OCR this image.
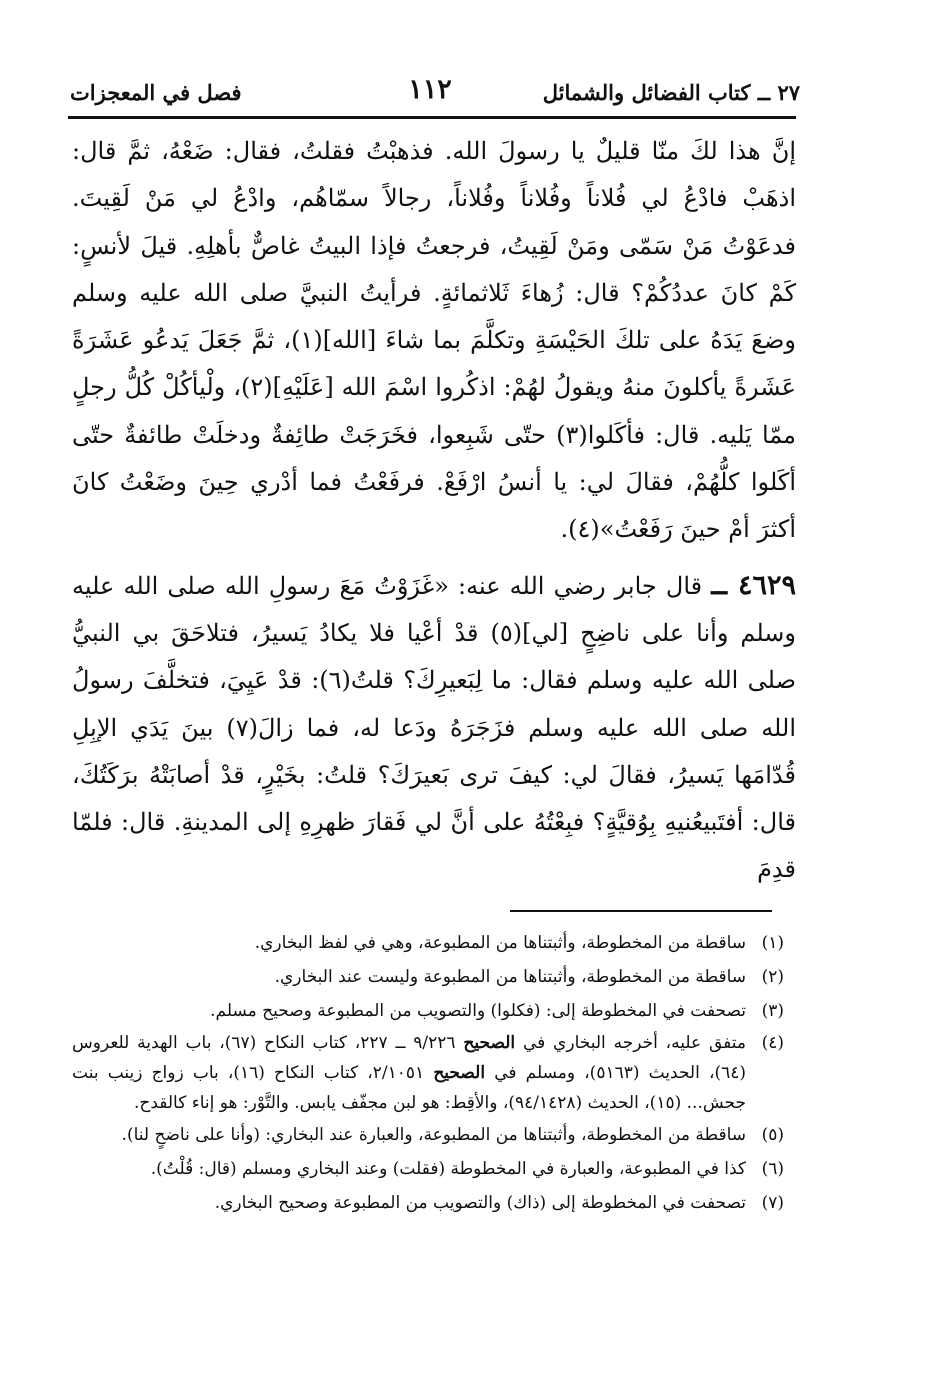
٢٧ ــ كتاب الفضائل والشمائل
١١٢
فصل في المعجزات

إنَّ هذا لكَ منّا قليلٌ يا رسولَ الله. فذهبْتُ فقلتُ، فقال: ضَعْهُ، ثمَّ قال: اذهَبْ فادْعُ لي فُلاناً وفُلاناً وفُلاناً، رجالاً سمّاهُم، وادْعُ لي مَنْ لَقِيتَ. فدعَوْتُ مَنْ سَمّى ومَنْ لَقِيتُ، فرجعتُ فإذا البيتُ غاصٌّ بأهلِهِ. قيلَ لأنسٍ: كَمْ كانَ عددُكُمْ؟ قال: زُهاءَ ثَلاثمائةٍ. فرأيتُ النبيَّ صلى الله عليه وسلم وضعَ يَدَهُ على تلكَ الحَيْسَةِ وتكلَّمَ بما شاءَ [الله](١)، ثمَّ جَعَلَ يَدعُو عَشَرَةً عَشَرةً يأكلونَ منهُ ويقولُ لهُمْ: اذكُروا اسْمَ الله [عَلَيْهِ](٢)، ولْيأكُلْ كُلُّ رجلٍ ممّا يَليه. قال: فأكَلوا(٣) حتّى شَبِعوا، فخَرَجَتْ طائِفةٌ ودخلَتْ طائفةٌ حتّى أكَلوا كلُّهُمْ، فقالَ لي: يا أنسُ ارْفَعْ. فرفَعْتُ فما أدْري حِينَ وضَعْتُ كانَ أكثرَ أمْ حينَ رَفَعْتُ»(٤).

٤٦٢٩ ــ قال جابر رضي الله عنه: «غَزَوْتُ مَعَ رسولِ الله صلى الله عليه وسلم وأنا على ناضِحٍ [لي](٥) قدْ أعْيا فلا يكادُ يَسيرُ، فتلاحَقَ بي النبيُّ صلى الله عليه وسلم فقال: ما لِبَعيرِكَ؟ قلتُ(٦): قدْ عَيِيَ، فتخلَّفَ رسولُ الله صلى الله عليه وسلم فزَجَرَهُ ودَعا له، فما زالَ(٧) بينَ يَدَي الإبِلِ قُدّامَها يَسيرُ، فقالَ لي: كيفَ ترى بَعيرَكَ؟ قلتُ: بخَيْرٍ، قدْ أصابَتْهُ برَكَتُكَ، قال: أفتَبيعُنيهِ بِوُقيَّةٍ؟ فبِعْتُهُ على أنَّ لي فَقارَ ظهرِهِ إلى المدينةِ. قال: فلمّا قدِمَ

(١)
ساقطة من المخطوطة، وأثبتناها من المطبوعة، وهي في لفظ البخاري.
(٢)
ساقطة من المخطوطة، وأثبتناها من المطبوعة وليست عند البخاري.
(٣)
تصحفت في المخطوطة إلى: (فكلوا) والتصويب من المطبوعة وصحيح مسلم.
(٤)
متفق عليه، أخرجه البخاري في الصحيح ٩/٢٢٦ ــ ٢٢٧، كتاب النكاح (٦٧)، باب الهدية للعروس (٦٤)، الحديث (٥١٦٣)، ومسلم في الصحيح ٢/١٠٥١، كتاب النكاح (١٦)، باب زواج زينب بنت جحش... (١٥)، الحديث (٩٤/١٤٢٨)، والأقِط: هو لبن مجفّف يابس. والتَّوْر: هو إناء كالقدح.
(٥)
ساقطة من المخطوطة، وأثبتناها من المطبوعة، والعبارة عند البخاري: (وأنا على ناضحٍ لنا).
(٦)
كذا في المطبوعة، والعبارة في المخطوطة (فقلت) وعند البخاري ومسلم (قال: قُلْتُ).
(٧)
تصحفت في المخطوطة إلى (ذاك) والتصويب من المطبوعة وصحيح البخاري.
